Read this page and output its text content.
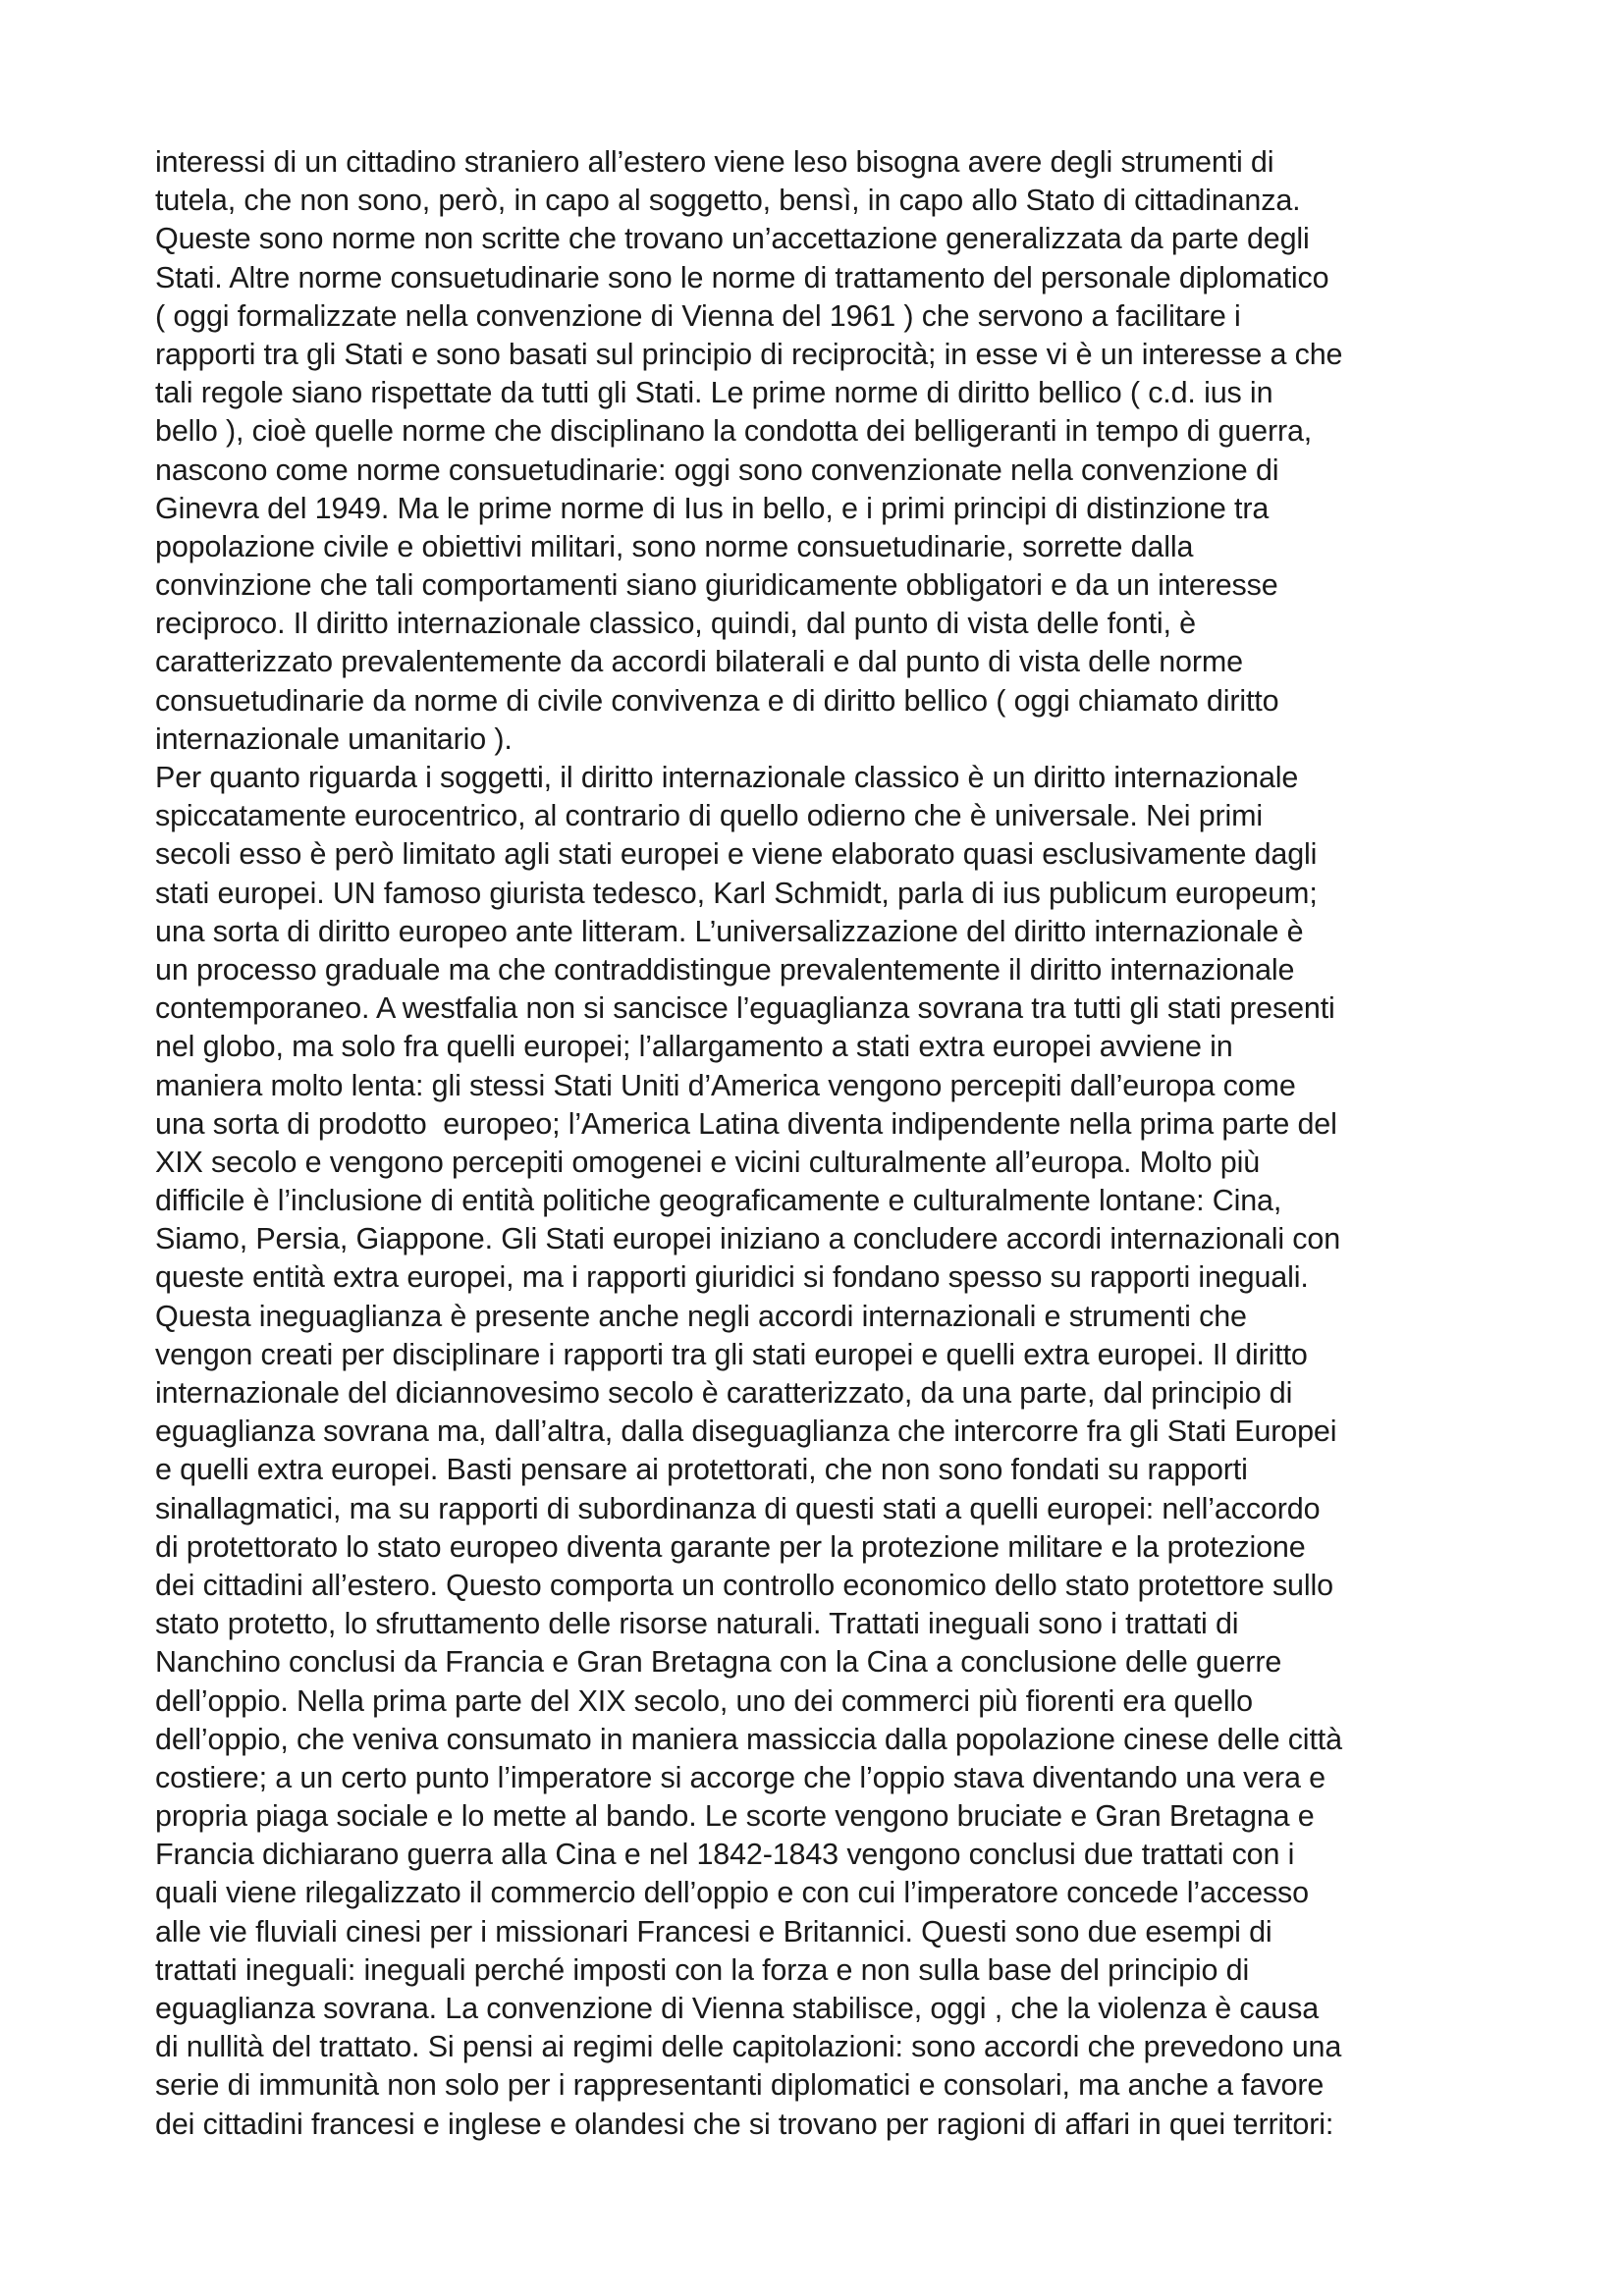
interessi di un cittadino straniero all’estero viene leso bisogna avere degli strumenti di
tutela, che non sono, però, in capo al soggetto, bensì, in capo allo Stato di cittadinanza.
Queste sono norme non scritte che trovano un’accettazione generalizzata da parte degli
Stati. Altre norme consuetudinarie sono le norme di trattamento del personale diplomatico
( oggi formalizzate nella convenzione di Vienna del 1961 ) che servono a facilitare i
rapporti tra gli Stati e sono basati sul principio di reciprocità; in esse vi è un interesse a che
tali regole siano rispettate da tutti gli Stati. Le prime norme di diritto bellico ( c.d. ius in
bello ), cioè quelle norme che disciplinano la condotta dei belligeranti in tempo di guerra,
nascono come norme consuetudinarie: oggi sono convenzionate nella convenzione di
Ginevra del 1949. Ma le prime norme di Ius in bello, e i primi principi di distinzione tra
popolazione civile e obiettivi militari, sono norme consuetudinarie, sorrette dalla
convinzione che tali comportamenti siano giuridicamente obbligatori e da un interesse
reciproco. Il diritto internazionale classico, quindi, dal punto di vista delle fonti, è
caratterizzato prevalentemente da accordi bilaterali e dal punto di vista delle norme
consuetudinarie da norme di civile convivenza e di diritto bellico ( oggi chiamato diritto
internazionale umanitario ).
Per quanto riguarda i soggetti, il diritto internazionale classico è un diritto internazionale
spiccatamente eurocentrico, al contrario di quello odierno che è universale. Nei primi
secoli esso è però limitato agli stati europei e viene elaborato quasi esclusivamente dagli
stati europei. UN famoso giurista tedesco, Karl Schmidt, parla di ius publicum europeum;
una sorta di diritto europeo ante litteram. L’universalizzazione del diritto internazionale è
un processo graduale ma che contraddistingue prevalentemente il diritto internazionale
contemporaneo. A westfalia non si sancisce l’eguaglianza sovrana tra tutti gli stati presenti
nel globo, ma solo fra quelli europei; l’allargamento a stati extra europei avviene in
maniera molto lenta: gli stessi Stati Uniti d’America vengono percepiti dall’europa come
una sorta di prodotto  europeo; l’America Latina diventa indipendente nella prima parte del
XIX secolo e vengono percepiti omogenei e vicini culturalmente all’europa. Molto più
difficile è l’inclusione di entità politiche geograficamente e culturalmente lontane: Cina,
Siamo, Persia, Giappone. Gli Stati europei iniziano a concludere accordi internazionali con
queste entità extra europei, ma i rapporti giuridici si fondano spesso su rapporti ineguali.
Questa ineguaglianza è presente anche negli accordi internazionali e strumenti che
vengon creati per disciplinare i rapporti tra gli stati europei e quelli extra europei. Il diritto
internazionale del diciannovesimo secolo è caratterizzato, da una parte, dal principio di
eguaglianza sovrana ma, dall’altra, dalla diseguaglianza che intercorre fra gli Stati Europei
e quelli extra europei. Basti pensare ai protettorati, che non sono fondati su rapporti
sinallagmatici, ma su rapporti di subordinanza di questi stati a quelli europei: nell’accordo
di protettorato lo stato europeo diventa garante per la protezione militare e la protezione
dei cittadini all’estero. Questo comporta un controllo economico dello stato protettore sullo
stato protetto, lo sfruttamento delle risorse naturali. Trattati ineguali sono i trattati di
Nanchino conclusi da Francia e Gran Bretagna con la Cina a conclusione delle guerre
dell’oppio. Nella prima parte del XIX secolo, uno dei commerci più fiorenti era quello
dell’oppio, che veniva consumato in maniera massiccia dalla popolazione cinese delle città
costiere; a un certo punto l’imperatore si accorge che l’oppio stava diventando una vera e
propria piaga sociale e lo mette al bando. Le scorte vengono bruciate e Gran Bretagna e
Francia dichiarano guerra alla Cina e nel 1842-1843 vengono conclusi due trattati con i
quali viene rilegalizzato il commercio dell’oppio e con cui l’imperatore concede l’accesso
alle vie fluviali cinesi per i missionari Francesi e Britannici. Questi sono due esempi di
trattati ineguali: ineguali perché imposti con la forza e non sulla base del principio di
eguaglianza sovrana. La convenzione di Vienna stabilisce, oggi , che la violenza è causa
di nullità del trattato. Si pensi ai regimi delle capitolazioni: sono accordi che prevedono una
serie di immunità non solo per i rappresentanti diplomatici e consolari, ma anche a favore
dei cittadini francesi e inglese e olandesi che si trovano per ragioni di affari in quei territori:
